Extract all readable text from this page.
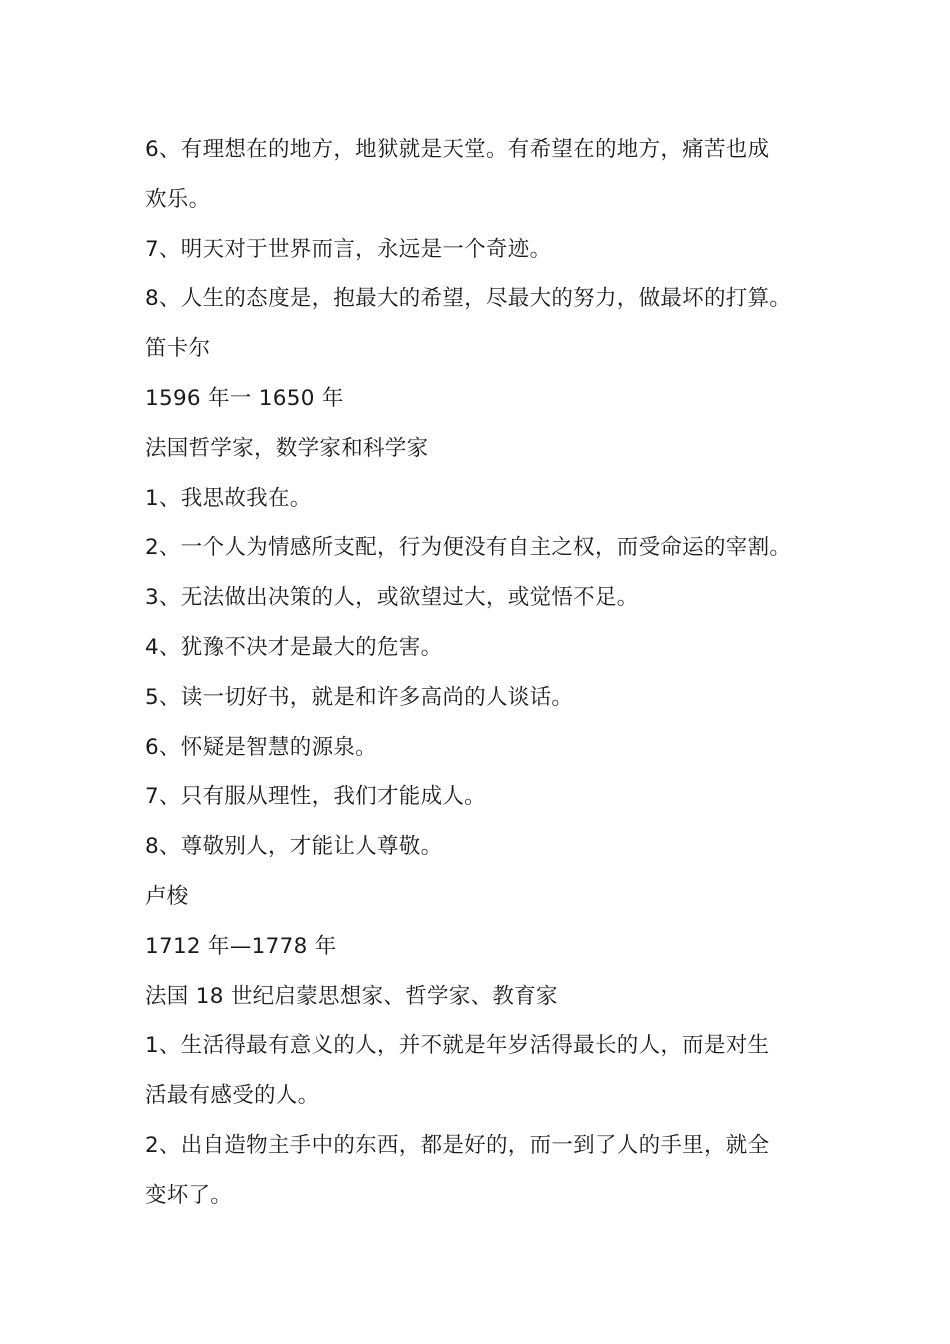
6、有理想在的地方，地狱就是天堂。有希望在的地方，痛苦也成
欢乐。
7、明天对于世界而言，永远是一个奇迹。
8、人生的态度是，抱最大的希望，尽最大的努力，做最坏的打算。
笛卡尔
1596 年一 1650 年
法国哲学家，数学家和科学家
1、我思故我在。
2、一个人为情感所支配，行为便没有自主之权，而受命运的宰割。
3、无法做出决策的人，或欲望过大，或觉悟不足。
4、犹豫不决才是最大的危害。
5、读一切好书，就是和许多高尚的人谈话。
6、怀疑是智慧的源泉。
7、只有服从理性，我们才能成人。
8、尊敬别人，才能让人尊敬。
卢梭
1712 年—1778 年
法国 18 世纪启蒙思想家、哲学家、教育家
1、生活得最有意义的人，并不就是年岁活得最长的人，而是对生
活最有感受的人。
2、出自造物主手中的东西，都是好的，而一到了人的手里，就全
变坏了。
